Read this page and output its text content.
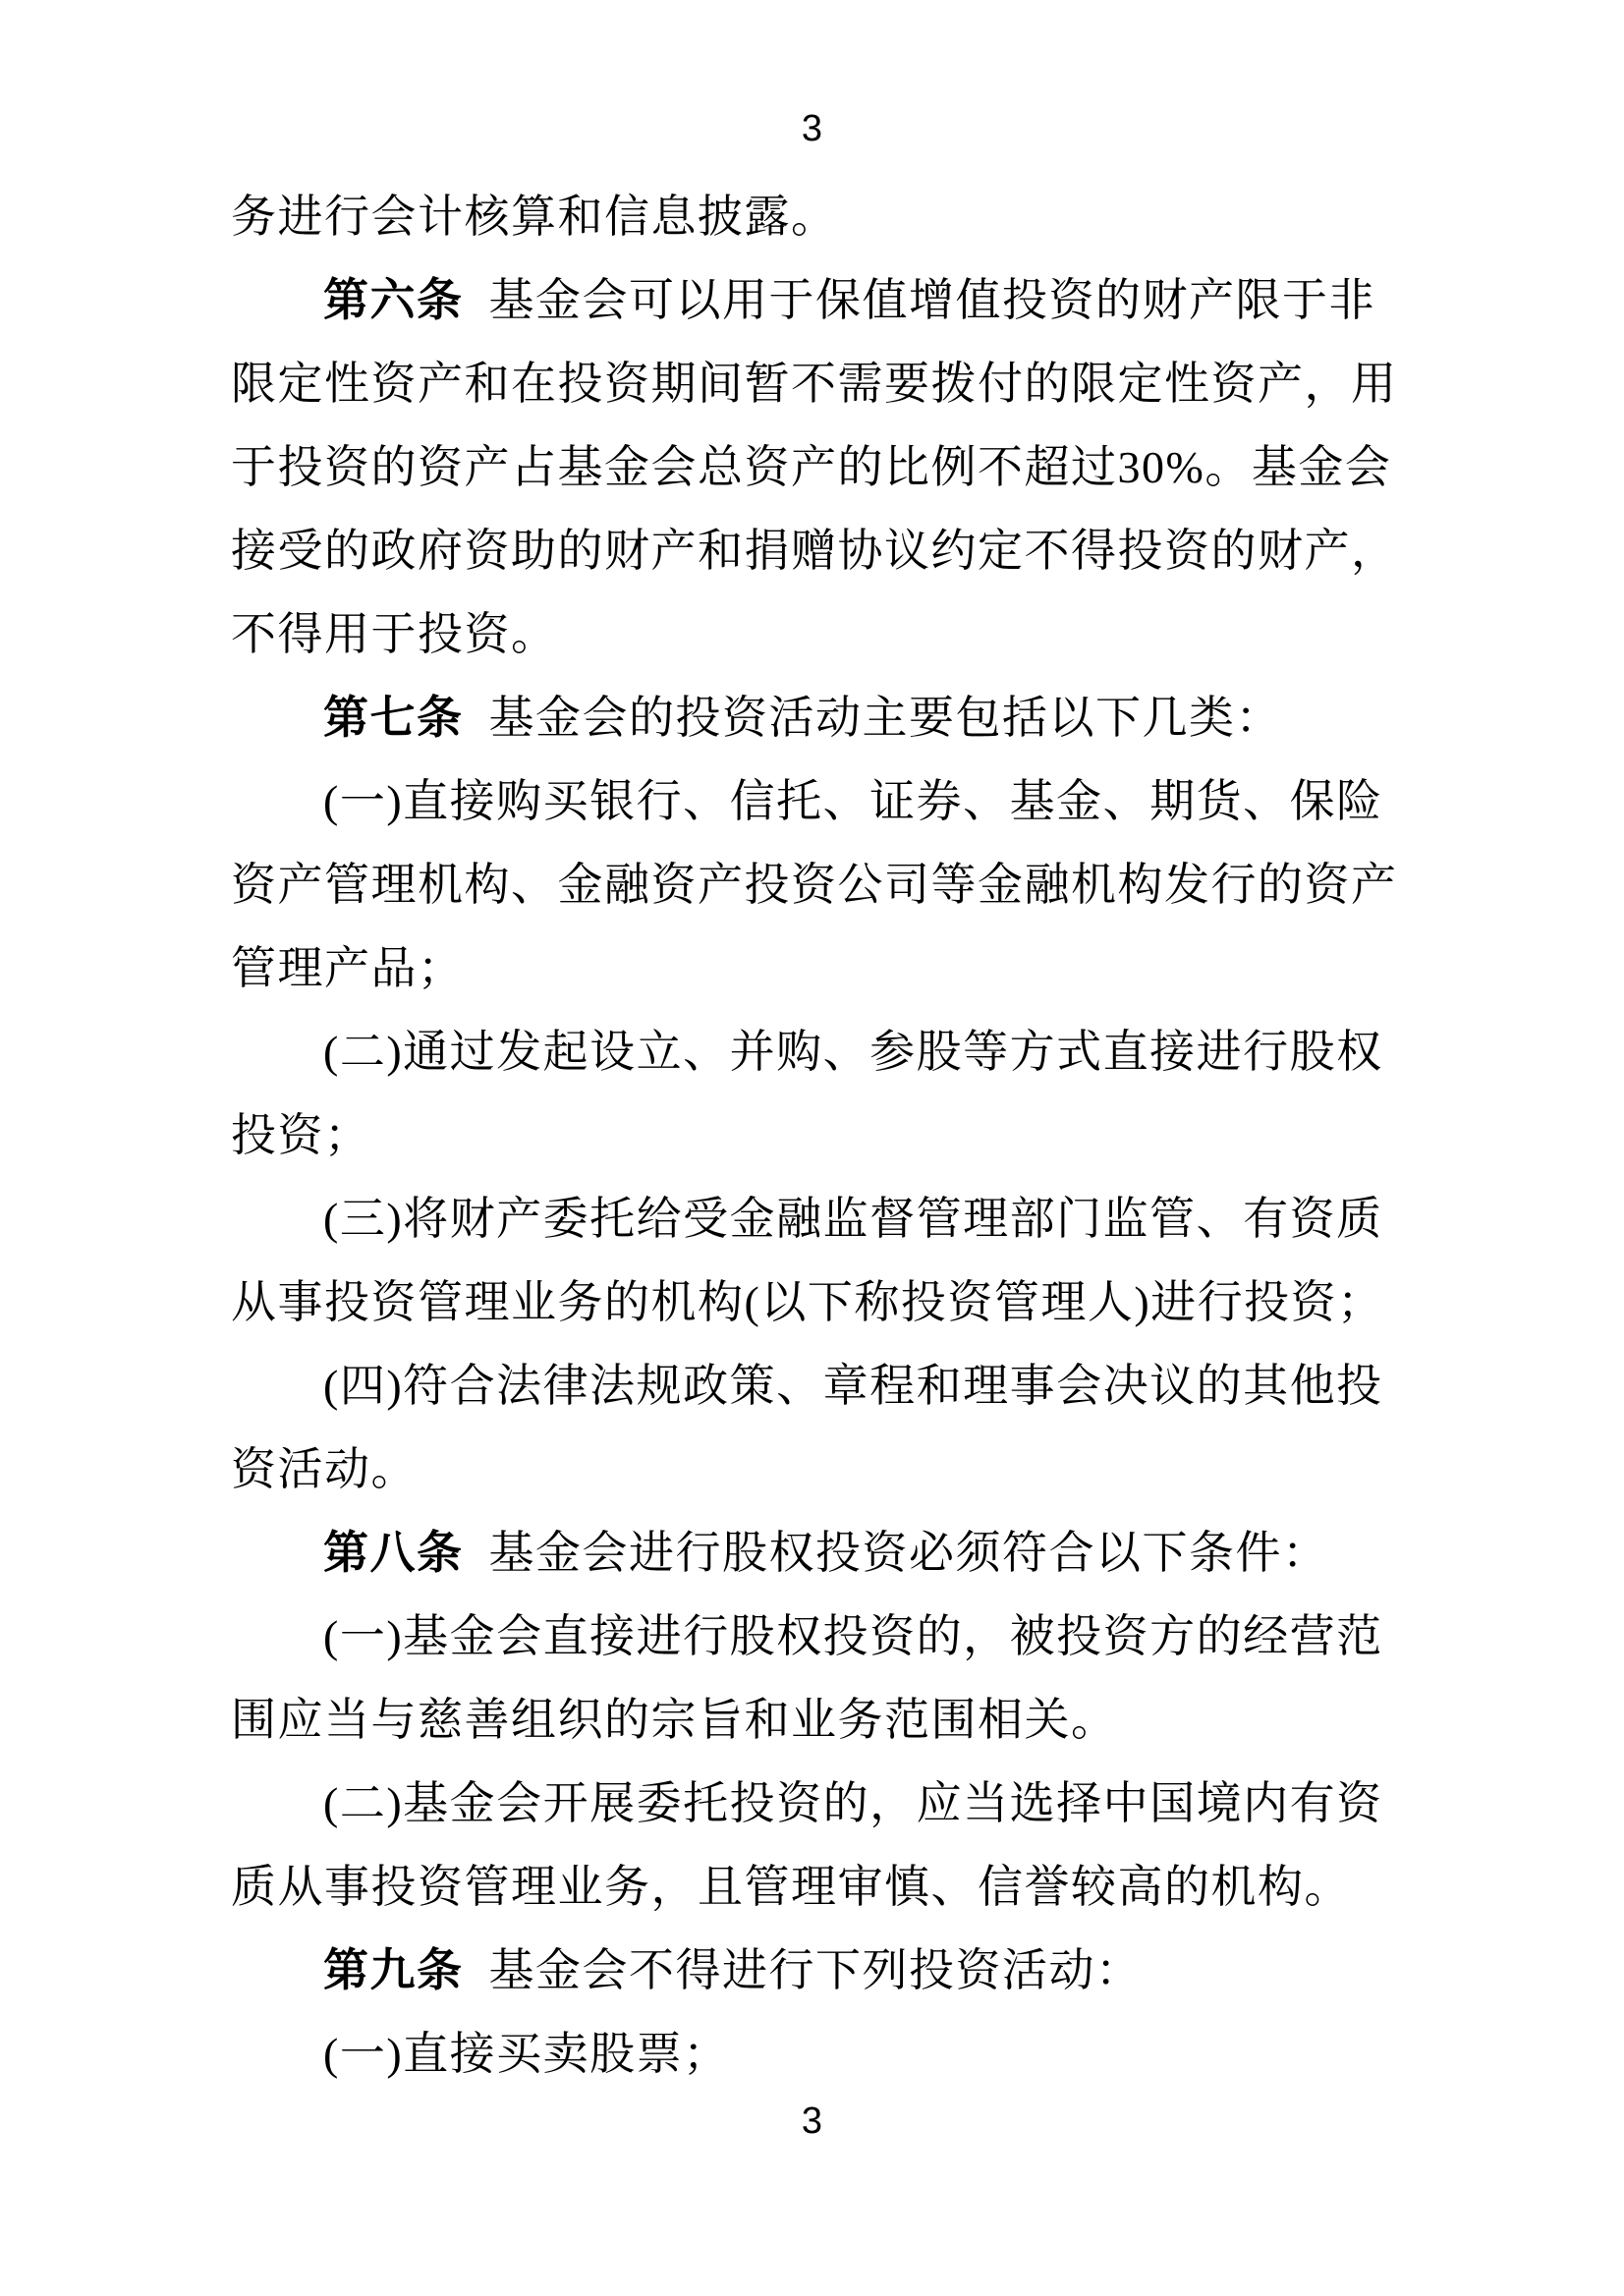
3
务进行会计核算和信息披露。
第六条 基金会可以用于保值增值投资的财产限于非
限定性资产和在投资期间暂不需要拨付的限定性资产，用
于投资的资产占基金会总资产的比例不超过30%。基金会
接受的政府资助的财产和捐赠协议约定不得投资的财产，
不得用于投资。
第七条 基金会的投资活动主要包括以下几类：
(一)直接购买银行、信托、证券、基金、期货、保险
资产管理机构、金融资产投资公司等金融机构发行的资产
管理产品；
(二)通过发起设立、并购、参股等方式直接进行股权
投资；
(三)将财产委托给受金融监督管理部门监管、有资质
从事投资管理业务的机构(以下称投资管理人)进行投资；
(四)符合法律法规政策、章程和理事会决议的其他投
资活动。
第八条 基金会进行股权投资必须符合以下条件：
(一)基金会直接进行股权投资的，被投资方的经营范
围应当与慈善组织的宗旨和业务范围相关。
(二)基金会开展委托投资的，应当选择中国境内有资
质从事投资管理业务，且管理审慎、信誉较高的机构。
第九条 基金会不得进行下列投资活动：
(一)直接买卖股票；
3
